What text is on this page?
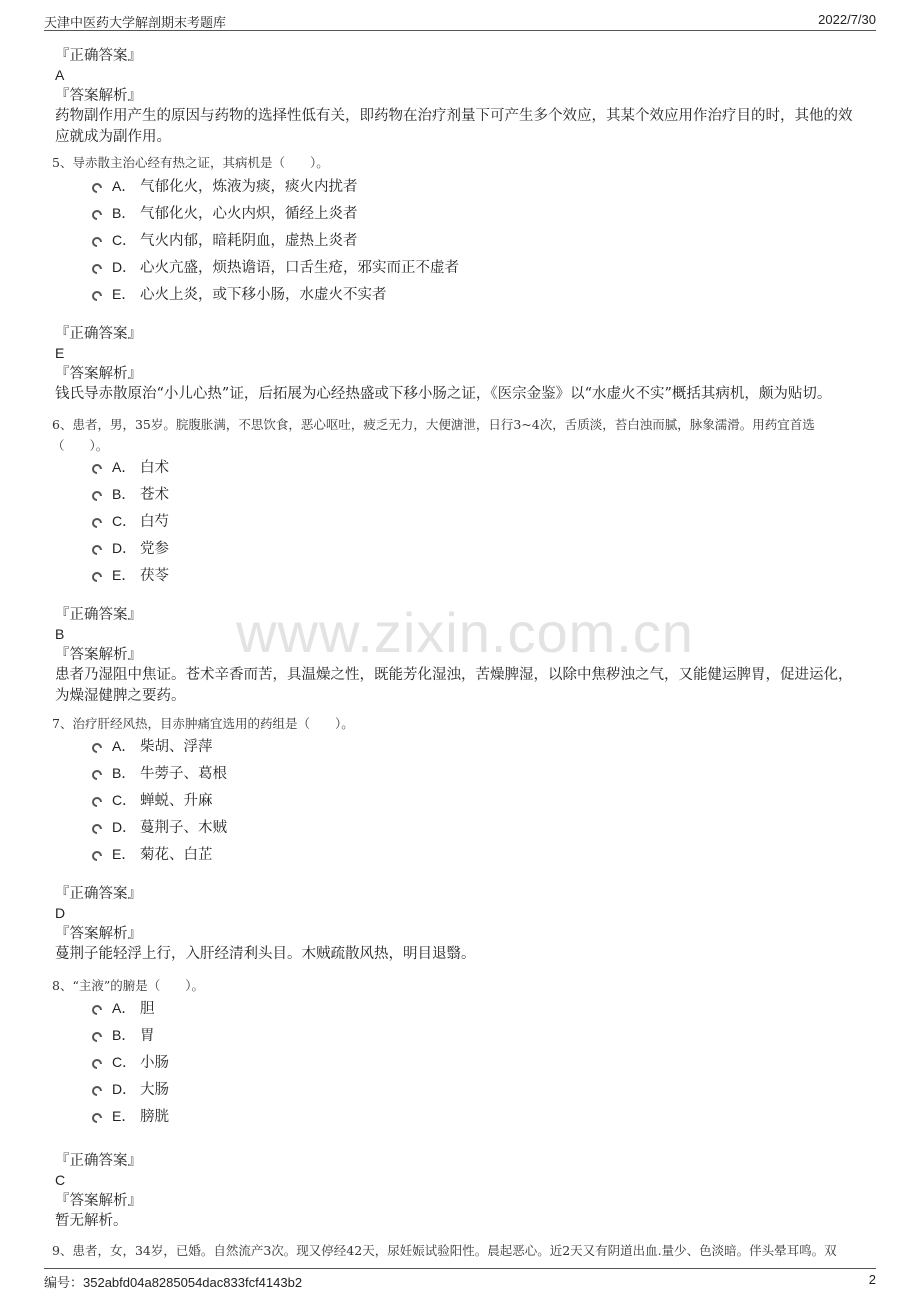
天津中医药大学解剖期末考题库	2022/7/30
www.zixin.com.cn
『正确答案』
A
『答案解析』
药物副作用产生的原因与药物的选择性低有关，即药物在治疗剂量下可产生多个效应，其某个效应用作治疗目的时，其他的效应就成为副作用。
5、导赤散主治心经有热之证，其病机是（　　）。
A． 气郁化火，炼液为痰，痰火内扰者
B． 气郁化火，心火内炽，循经上炎者
C． 气火内郁，暗耗阴血，虚热上炎者
D． 心火亢盛，烦热谵语，口舌生疮，邪实而正不虚者
E． 心火上炎，或下移小肠，水虚火不实者
『正确答案』
E
『答案解析』
钱氏导赤散原治“小儿心热”证，后拓展为心经热盛或下移小肠之证，《医宗金鉴》以“水虚火不实”概括其病机，颇为贴切。
6、患者，男，35岁。脘腹胀满，不思饮食，恶心呕吐，疲乏无力，大便溏泄，日行3~4次，舌质淡，苔白浊而腻，脉象濡滑。用药宜首选（　　）。
A． 白术
B． 苍术
C． 白芍
D． 党参
E． 茯苓
『正确答案』
B
『答案解析』
患者乃湿阻中焦证。苍术辛香而苦，具温燥之性，既能芳化湿浊，苦燥脾湿，以除中焦秽浊之气，又能健运脾胃，促进运化，为燥湿健脾之要药。
7、治疗肝经风热，目赤肿痛宜选用的药组是（　　）。
A． 柴胡、浮萍
B． 牛蒡子、葛根
C． 蝉蜕、升麻
D． 蔓荆子、木贼
E． 菊花、白芷
『正确答案』
D
『答案解析』
蔓荆子能轻浮上行，入肝经清利头目。木贼疏散风热，明目退翳。
8、“主液”的腑是（　　）。
A． 胆
B． 胃
C． 小肠
D． 大肠
E． 膀胱
『正确答案』
C
『答案解析』
暂无解析。
9、患者，女，34岁，已婚。自然流产3次。现又停经42天，尿妊娠试验阳性。晨起恶心。近2天又有阴道出血.量少、色淡暗。伴头晕耳鸣。双
编号：352abfd04a8285054dac833fcf4143b2	2
